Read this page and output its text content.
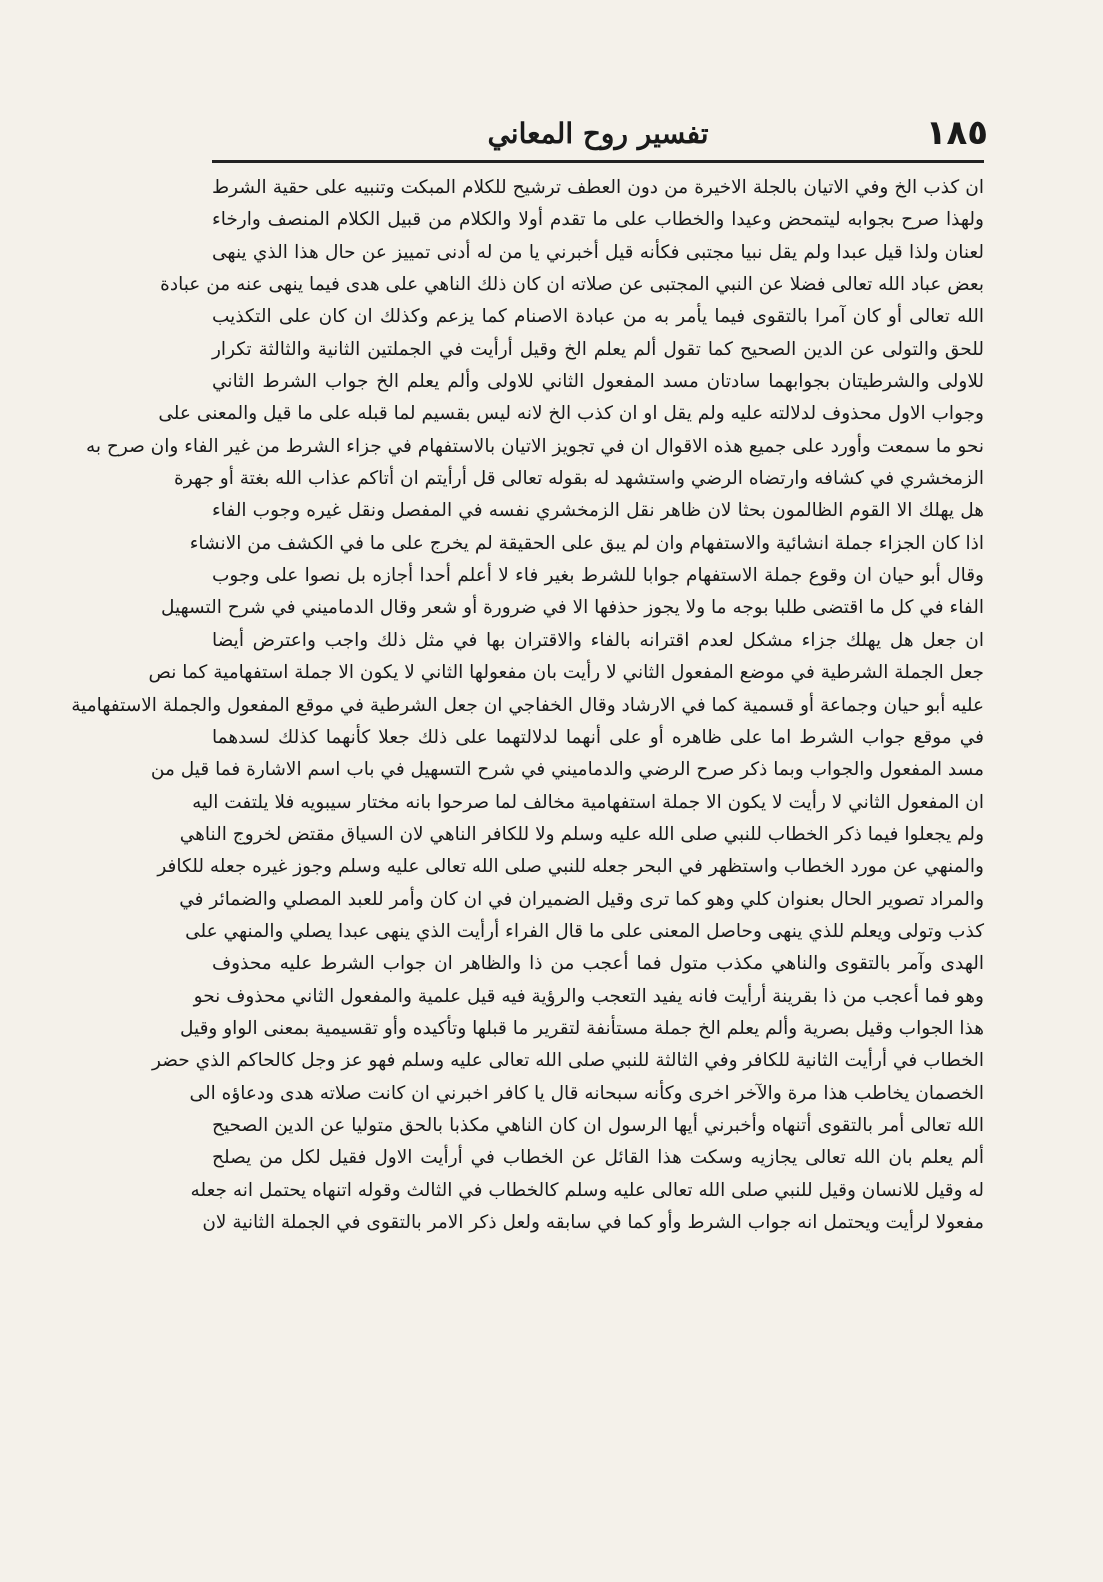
١٨٥
تفسير روح المعاني
ان كذب الخ وفي الاتيان بالجلة الاخيرة من دون العطف ترشيح للكلام المبكت وتنبيه على حقية الشرط
ولهذا صرح بجوابه ليتمحض وعيدا والخطاب على ما تقدم أولا والكلام من قبيل الكلام المنصف وارخاء
لعنان ولذا قيل عبدا ولم يقل نبيا مجتبى فكأنه قيل أخبرني يا من له أدنى تمييز عن حال هذا الذي ينهى
بعض عباد الله تعالى فضلا عن النبي المجتبى عن صلاته ان كان ذلك الناهي على هدى فيما ينهى عنه من عبادة
الله تعالى أو كان آمرا بالتقوى فيما يأمر به من عبادة الاصنام كما يزعم وكذلك ان كان على التكذيب
للحق والتولى عن الدين الصحيح كما تقول ألم يعلم الخ وقيل أرأيت في الجملتين الثانية والثالثة تكرار
للاولى والشرطيتان بجوابهما سادتان مسد المفعول الثاني للاولى وألم يعلم الخ جواب الشرط الثاني
وجواب الاول محذوف لدلالته عليه ولم يقل او ان كذب الخ لانه ليس بقسيم لما قبله على ما قيل والمعنى على
نحو ما سمعت وأورد على جميع هذه الاقوال ان في تجويز الاتيان بالاستفهام في جزاء الشرط من غير الفاء وان صرح به
الزمخشري في كشافه وارتضاه الرضي واستشهد له بقوله تعالى قل أرأيتم ان أتاكم عذاب الله بغتة أو جهرة
هل يهلك الا القوم الظالمون بحثا لان ظاهر نقل الزمخشري نفسه في المفصل ونقل غيره وجوب الفاء
اذا كان الجزاء جملة انشائية والاستفهام وان لم يبق على الحقيقة لم يخرج على ما في الكشف من الانشاء
وقال أبو حيان ان وقوع جملة الاستفهام جوابا للشرط بغير فاء لا أعلم أحدا أجازه بل نصوا على وجوب
الفاء في كل ما اقتضى طلبا بوجه ما ولا يجوز حذفها الا في ضرورة أو شعر وقال الدماميني في شرح التسهيل
ان جعل هل يهلك جزاء مشكل لعدم اقترانه بالفاء والاقتران بها في مثل ذلك واجب واعترض أيضا
جعل الجملة الشرطية في موضع المفعول الثاني لا رأيت بان مفعولها الثاني لا يكون الا جملة استفهامية كما نص
عليه أبو حيان وجماعة أو قسمية كما في الارشاد وقال الخفاجي ان جعل الشرطية في موقع المفعول والجملة الاستفهامية
في موقع جواب الشرط اما على ظاهره أو على أنهما لدلالتهما على ذلك جعلا كأنهما كذلك لسدهما
مسد المفعول والجواب وبما ذكر صرح الرضي والدماميني في شرح التسهيل في باب اسم الاشارة فما قيل من
ان المفعول الثاني لا رأيت لا يكون الا جملة استفهامية مخالف لما صرحوا بانه مختار سيبويه فلا يلتفت اليه
ولم يجعلوا فيما ذكر الخطاب للنبي صلى الله عليه وسلم ولا للكافر الناهي لان السياق مقتض لخروج الناهي
والمنهي عن مورد الخطاب واستظهر في البحر جعله للنبي صلى الله تعالى عليه وسلم وجوز غيره جعله للكافر
والمراد تصوير الحال بعنوان كلي وهو كما ترى وقيل الضميران في ان كان وأمر للعبد المصلي والضمائر في
كذب وتولى ويعلم للذي ينهى وحاصل المعنى على ما قال الفراء أرأيت الذي ينهى عبدا يصلي والمنهي على
الهدى وآمر بالتقوى والناهي مكذب متول فما أعجب من ذا والظاهر ان جواب الشرط عليه محذوف
وهو فما أعجب من ذا بقرينة أرأيت فانه يفيد التعجب والرؤية فيه قيل علمية والمفعول الثاني محذوف نحو
هذا الجواب وقيل بصرية وألم يعلم الخ جملة مستأنفة لتقرير ما قبلها وتأكيده وأو تقسيمية بمعنى الواو وقيل
الخطاب في أرأيت الثانية للكافر وفي الثالثة للنبي صلى الله تعالى عليه وسلم فهو عز وجل كالحاكم الذي حضر
الخصمان يخاطب هذا مرة والآخر اخرى وكأنه سبحانه قال يا كافر اخبرني ان كانت صلاته هدى ودعاؤه الى
الله تعالى أمر بالتقوى أتنهاه وأخبرني أيها الرسول ان كان الناهي مكذبا بالحق متوليا عن الدين الصحيح
ألم يعلم بان الله تعالى يجازيه وسكت هذا القائل عن الخطاب في أرأيت الاول فقيل لكل من يصلح
له وقيل للانسان وقيل للنبي صلى الله تعالى عليه وسلم كالخطاب في الثالث وقوله اتنهاه يحتمل انه جعله
مفعولا لرأيت ويحتمل انه جواب الشرط وأو كما في سابقه ولعل ذكر الامر بالتقوى في الجملة الثانية لان
